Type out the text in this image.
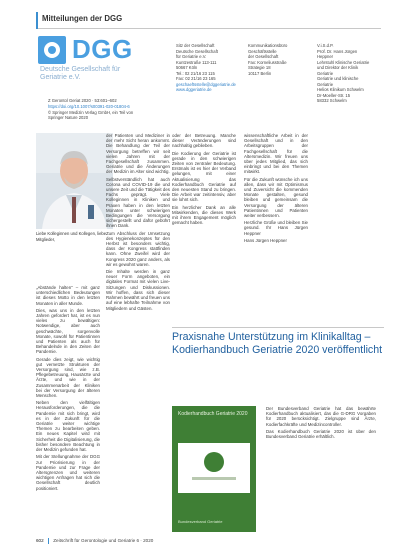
Mitteilungen der DGG
DGG
Deutsche Gesellschaft für Geriatrie e.V.
Sitz der Gesellschaft
Deutsche Gesellschaft
für Geriatrie e.V.
Kuntzestraße 113-111
50667 Köln
Tel.: 02 21/16 23 115
Fax: 02 21/16 23 165
geschaeftsstelle@dggeriatrie.de
www.dggeriatrie.de
Kommunikationsbüro
Geschäftsstelle
der Gesellschaft
Fax: Korneliusstraße
Strategie 18
10117 Berlin
V.i.S.d.P.
Prof. Dr. Hans Jürgen
Heppner
Lehrstuhl Klinische Geriatrie
und Direktor der Klinik
Geriatrie
Geriatrie und klinische
Geriatrie
Helios Klinikum Schwelm
Dr-Moeller-Str. 15
58332 Schwelm
Z Gerontol Geriat 2020 · 53:601–602
https://doi.org/10.1007/s00391-020-01804-6
© Springer Medizin Verlag GmbH, ein Teil von
Springer Nature 2020
Liebe Kolleginnen und Kollegen, liebe Mitglieder,

„Abstände halten“ – mit ganz unterschiedlichen Bedeutungen ist dieses Motto in den letzten Monaten in aller Munde.

Dies, was uns in den letzten Jahren gefordert hat, ist es nun vieles zu bewältigen: Notwendige, aber auch geschwächte, sorgenvolle Monate, sowohl für Patientinnen und Patienten als auch für Behandelnde in den Zeiten der Pandemie.

Gerade dies zeigt, wie wichtig gut vernetzte Strukturen der Versorgung sind, wie z.B. Pflegebetreuung, Hausärzte und Ärzte, und wie in der Zusammenarbeit der Kliniken bei der Versorgung der älteren Menschen.

Neben den vielfältigen Herausforderungen, die die Pandemie mit sich bringt, wird es in der Zukunft für die Geriatrie weiter wichtige Themen zu bearbeiten geben. Ein neues Kapitel wird mit Sicherheit die Digitalisierung, die bisher besondere Beachtung in der Medizin gefunden hat.

Mit der Stellungnahme der DGG zur Priorisierung in der Pandemie und zur Frage der Altersgrenzen und weiteren wichtigen Anfragen hat sich die Gesellschaft deutlich positioniert.

der Patienten und Mediziner in der mehr Sicht heran ankommt. Die Behandlung der Teil der Versorgung betreffen wir seit vielen Jahren mit der Fachgesellschaft zusammen. Geriatrie und die Änderungen der Medizin im Alter sind wichtig.

Selbstverständlich hat auch Corona und COVID-19 die und unsere Zeit und die Tätigkeit des Fachs geprägt. Viele Kolleginnen in Kliniken und Praxen haben in den letzten Monaten unter schwierigen Bedingungen die Versorgung sichergestellt und dafür gebührt ihnen Dank.

Zum Abschluss der Umsetzung des Hygienekonzeptes für den Herbst ist besonders wichtig, dass der Kongress stattfinden kann. Ohne Zweifel wird der Kongress 2020 ganz anders, als wir es gewohnt waren.

Die Inhalte werden in ganz neuer Form angeboten, ein digitales Format mit vielen Live-Sitzungen und Diskussionen. Wir hoffen, dass sich dieser Rahmen bewährt und freuen uns auf eine lebhafte Teilnahme von Mitgliedern und Gästen.

oder der Betreuung. Manche dieser Veränderungen sind nachhaltig geblieben.

Die Kodierung der Geriatrie ist gerade in den schwierigen Zeiten von zentraler Bedeutung. Erstmals ist es hier der Verband gelungen, mit einer Aktualisierung das Kodierhandbuch Geriatrie auf den neuesten Stand zu bringen. Die Arbeit war zeitintensiv, aber sie lohnt sich.

Ein herzlicher Dank an alle Mitwirkenden, die dieses Werk mit ihrem Engagement möglich gemacht haben.

wissenschaftliche Arbeit in der Gesellschaft und in den Arbeitsgruppen der Fachgesellschaft für die Altersmedizin. Wir freuen uns über jedes Mitglied, das sich einbringt und bei den Themen mitwirkt.

Für die Zukunft wünsche ich uns allen, dass wir mit Optimismus und Zuversicht die kommenden Monate gestalten, gesund bleiben und gemeinsam die Versorgung der älteren Patientinnen und Patienten weiter verbessern.

Herzliche Grüße und bleiben Sie gesund. Ihr Hans Jürgen Heppner

Hans Jürgen Heppner

Praxisnahe Unterstützung im Klinikalltag – Kodierhandbuch Geriatrie 2020 veröffentlicht
Kodierhandbuch Geriatrie 2020
Bundesverband Geriatrie

Der Bundesverband Geriatrie hat das bewährte Kodierhandbuch aktualisiert, das die G-DRG Vorgaben für 2020 berücksichtigt. Zielgruppe sind Ärzte, Kodierfachkräfte und Medizincontroller.

Das Kodierhandbuch Geriatrie 2020 ist über den Bundesverband Geriatrie erhältlich.

602 Zeitschrift für Gerontologie und Geriatrie 6 · 2020
